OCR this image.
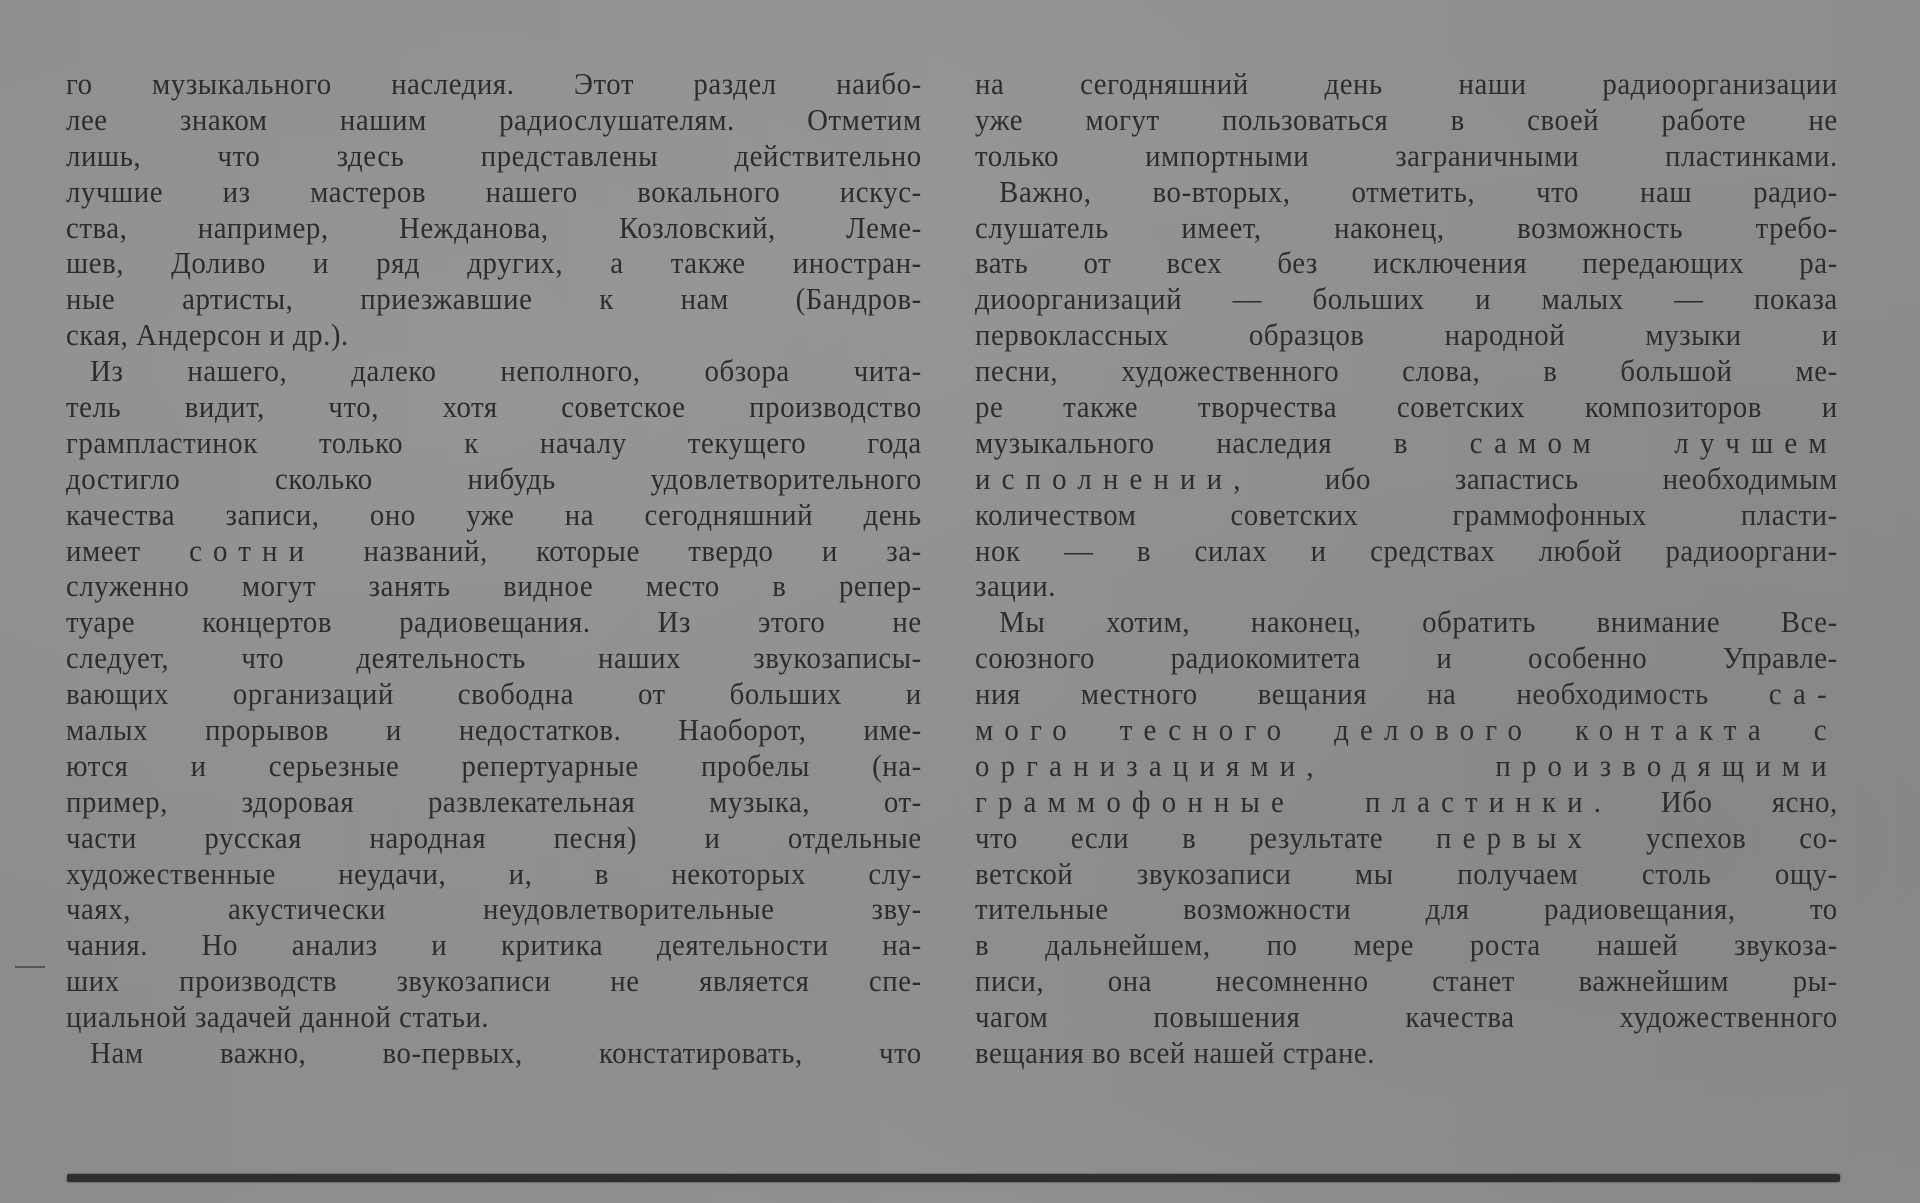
го музыкального наследия. Этот раздел наибо-
лее знаком нашим радиослушателям. Отметим
лишь, что здесь представлены действительно
лучшие из мастеров нашего вокального искус-
ства, например, Нежданова, Козловский, Леме-
шев, Доливо и ряд других, а также иностран-
ные артисты, приезжавшие к нам (Бандров-
ская, Андерсон и др.).
Из нашего, далеко неполного, обзора чита-
тель видит, что, хотя советское производство
грампластинок только к началу текущего года
достигло сколько нибудь удовлетворительного
качества записи, оно уже на сегодняшний день
имеет сотни названий, которые твердо и за-
служенно могут занять видное место в репер-
туаре концертов радиовещания. Из этого не
следует, что деятельность наших звукозаписы-
вающих организаций свободна от больших и
малых прорывов и недостатков. Наоборот, име-
ются и серьезные репертуарные пробелы (на-
пример, здоровая развлекательная музыка, от-
части русская народная песня) и отдельные
художественные неудачи, и, в некоторых слу-
чаях, акустически неудовлетворительные зву-
чания. Но анализ и критика деятельности на-
ших производств звукозаписи не является спе-
циальной задачей данной статьи.
Нам важно, во-первых, констатировать, что
на сегодняшний день наши радиоорганизации
уже могут пользоваться в своей работе не
только импортными заграничными пластинками.
Важно, во-вторых, отметить, что наш радио-
слушатель имеет, наконец, возможность требо-
вать от всех без исключения передающих ра-
диоорганизаций — больших и малых — показа
первоклассных образцов народной музыки и
песни, художественного слова, в большой ме-
ре также творчества советских композиторов и
музыкального наследия в самом лучшем
исполнении, ибо запастись необходимым
количеством советских граммофонных пласти-
нок — в силах и средствах любой радиооргани-
зации.
Мы хотим, наконец, обратить внимание Все-
союзного радиокомитета и особенно Управле-
ния местного вещания на необходимость са-
мого тесного делового контакта с
организациями, производящими
граммофонные пластинки. Ибо ясно,
что если в результате первых успехов со-
ветской звукозаписи мы получаем столь ощу-
тительные возможности для радиовещания, то
в дальнейшем, по мере роста нашей звукоза-
писи, она несомненно станет важнейшим ры-
чагом повышения качества художественного
вещания во всей нашей стране.
